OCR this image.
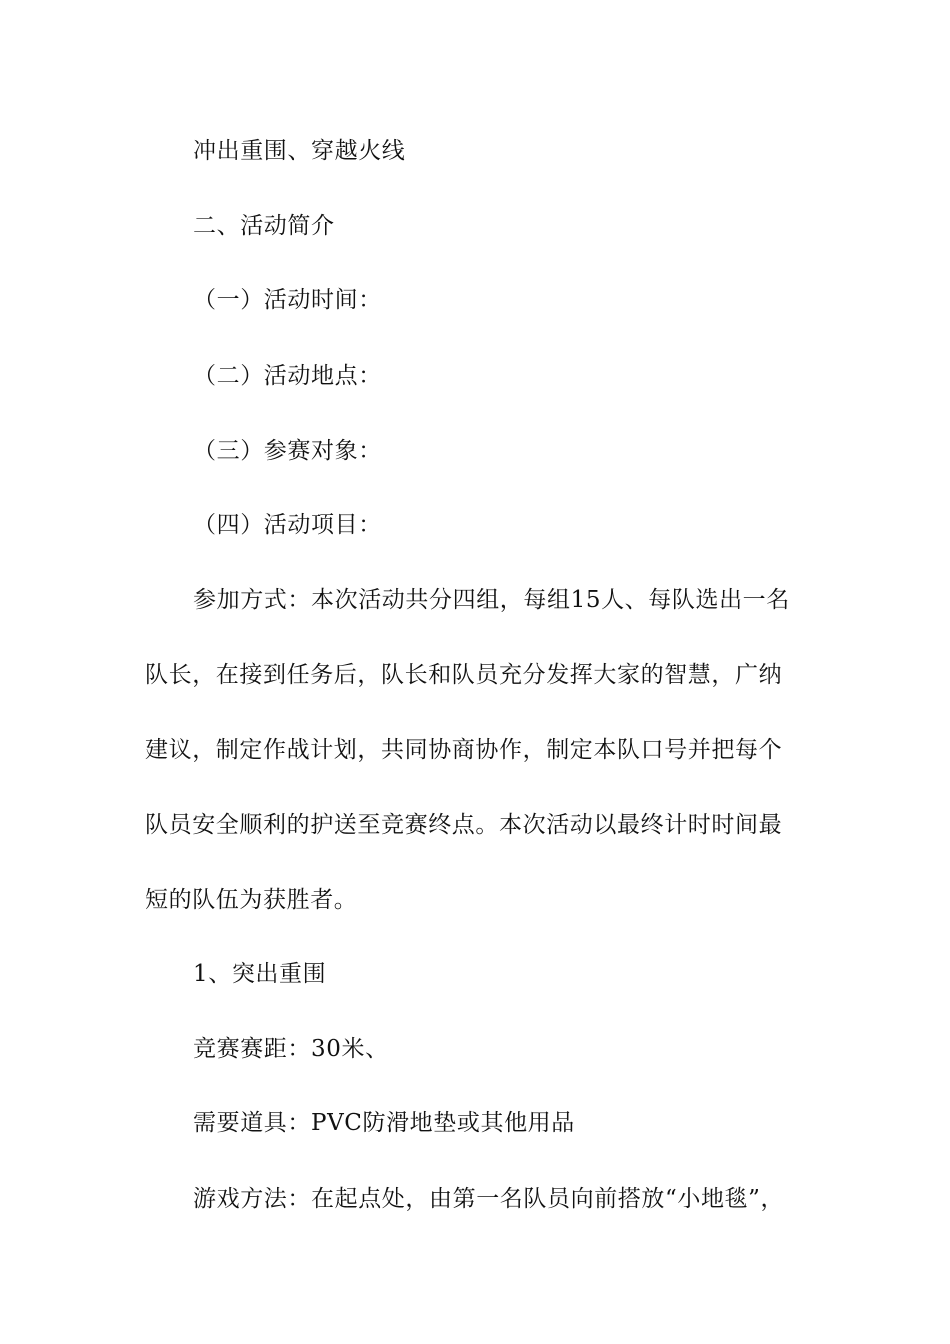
冲出重围、穿越火线
二、活动简介
（一）活动时间：
（二）活动地点：
（三）参赛对象：
（四）活动项目：
参加方式：本次活动共分四组，每组15人、每队选出一名
队长，在接到任务后，队长和队员充分发挥大家的智慧，广纳
建议，制定作战计划，共同协商协作，制定本队口号并把每个
队员安全顺利的护送至竞赛终点。本次活动以最终计时时间最
短的队伍为获胜者。
1、突出重围
竞赛赛距：30米、
需要道具：PVC防滑地垫或其他用品
游戏方法：在起点处，由第一名队员向前搭放“小地毯”，
